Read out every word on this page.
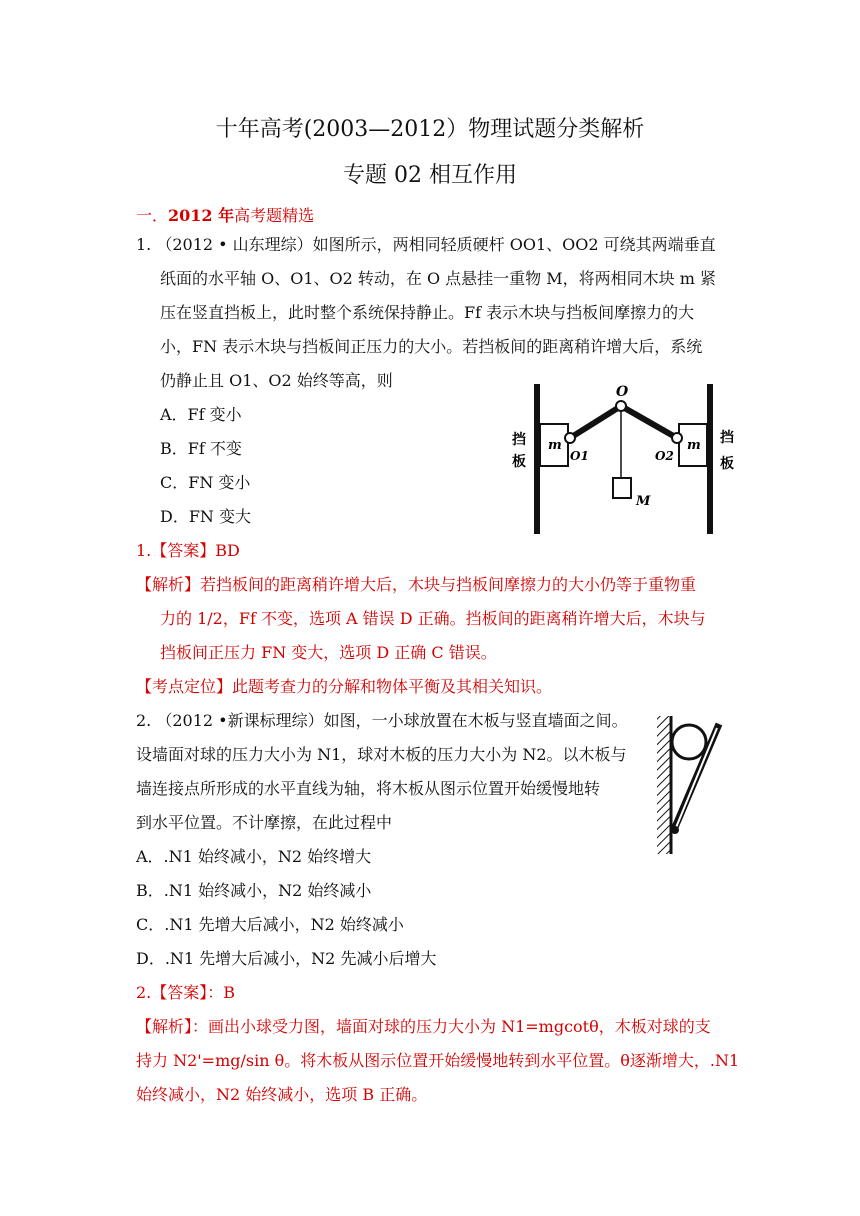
十年高考(2003—2012）物理试题分类解析
专题 02 相互作用
一．2012 年高考题精选
1. （2012 • 山东理综）如图所示，两相同轻质硬杆 OO1、OO2 可绕其两端垂直
纸面的水平轴 O、O1、O2 转动，在 O 点悬挂一重物 M，将两相同木块 m 紧
压在竖直挡板上，此时整个系统保持静止。Ff 表示木块与挡板间摩擦力的大
小，FN 表示木块与挡板间正压力的大小。若挡板间的距离稍许增大后，系统
仍静止且 O1、O2 始终等高，则
A．Ff 变小
B．Ff 不变
C．FN 变小
D．FN 变大
O
O1	O2
m	m
M
挡
板
挡
板
1.【答案】BD
【解析】若挡板间的距离稍许增大后，木块与挡板间摩擦力的大小仍等于重物重
力的 1/2，Ff 不变，选项 A 错误 D 正确。挡板间的距离稍许增大后，木块与
挡板间正压力 FN 变大，选项 D 正确 C 错误。
【考点定位】此题考查力的分解和物体平衡及其相关知识。
2. （2012 •新课标理综）如图，一小球放置在木板与竖直墙面之间。
设墙面对球的压力大小为 N1，球对木板的压力大小为 N2。以木板与
墙连接点所形成的水平直线为轴，将木板从图示位置开始缓慢地转
到水平位置。不计摩擦，在此过程中
A．.N1 始终减小，N2 始终增大
B．.N1 始终减小，N2 始终减小
C．.N1 先增大后减小，N2 始终减小
D．.N1 先增大后减小，N2 先减小后增大
2.【答案】：B
【解析】：画出小球受力图，墙面对球的压力大小为 N1=mgcotθ，木板对球的支
持力 N2'=mg/sin θ。将木板从图示位置开始缓慢地转到水平位置。θ逐渐增大，.N1
始终减小，N2 始终减小，选项 B 正确。
